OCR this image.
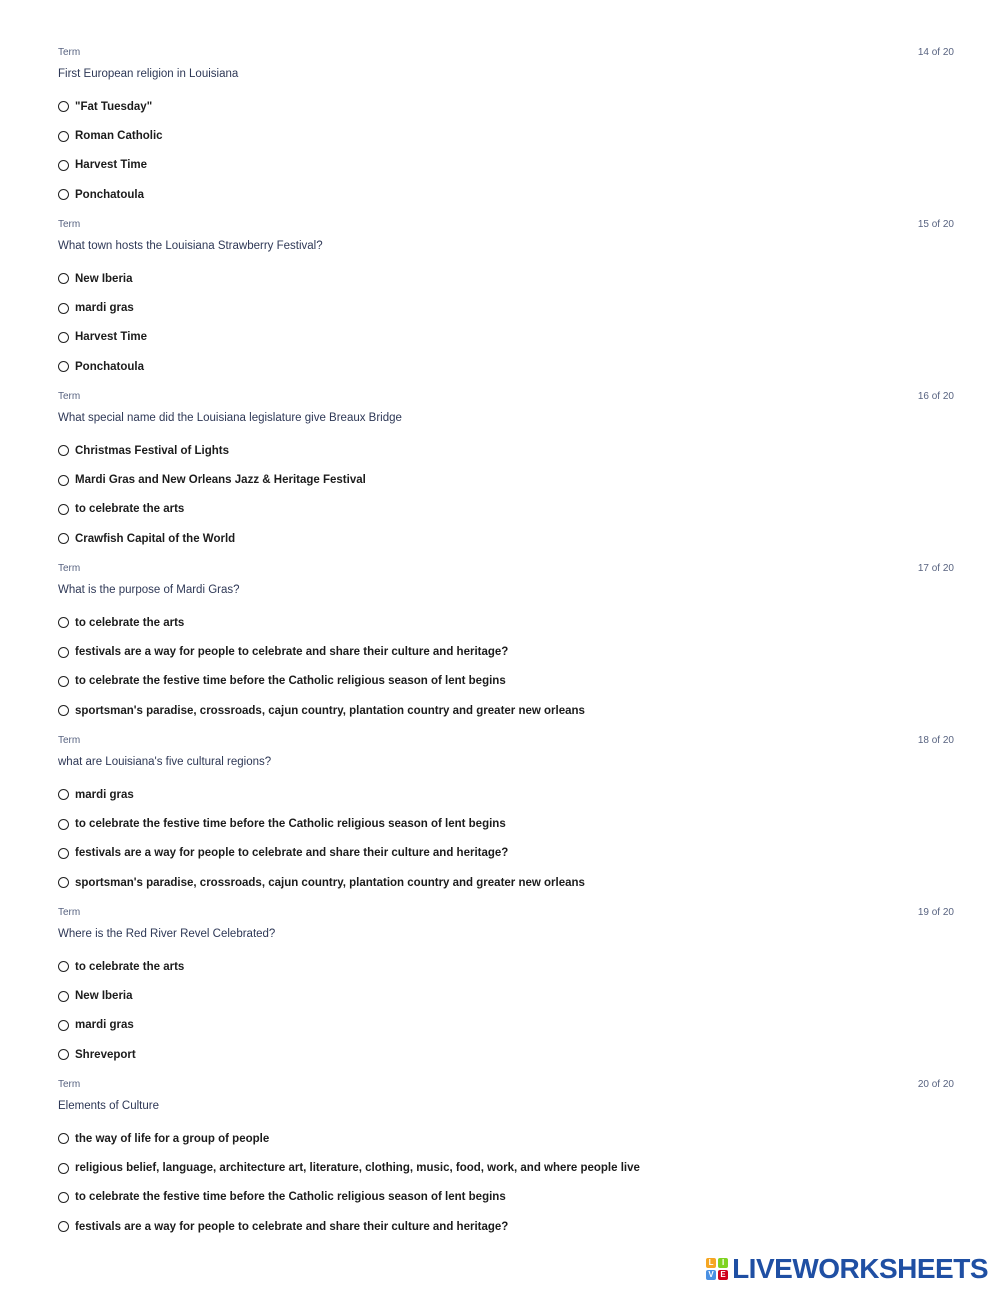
Term	14 of 20
First European religion in Louisiana
"Fat Tuesday"
Roman Catholic
Harvest Time
Ponchatoula
Term	15 of 20
What town hosts the Louisiana Strawberry Festival?
New Iberia
mardi gras
Harvest Time
Ponchatoula
Term	16 of 20
What special name did the Louisiana legislature give Breaux Bridge
Christmas Festival of Lights
Mardi Gras and New Orleans Jazz & Heritage Festival
to celebrate the arts
Crawfish Capital of the World
Term	17 of 20
What is the purpose of Mardi Gras?
to celebrate the arts
festivals are a way for people to celebrate and share their culture and heritage?
to celebrate the festive time before the Catholic religious season of lent begins
sportsman's paradise, crossroads, cajun country, plantation country and greater new orleans
Term	18 of 20
what are Louisiana's five cultural regions?
mardi gras
to celebrate the festive time before the Catholic religious season of lent begins
festivals are a way for people to celebrate and share their culture and heritage?
sportsman's paradise, crossroads, cajun country, plantation country and greater new orleans
Term	19 of 20
Where is the Red River Revel Celebrated?
to celebrate the arts
New Iberia
mardi gras
Shreveport
Term	20 of 20
Elements of Culture
the way of life for a group of people
religious belief, language, architecture art, literature, clothing, music, food, work, and where people live
to celebrate the festive time before the Catholic religious season of lent begins
festivals are a way for people to celebrate and share their culture and heritage?
L	I
V E LIVEWORKSHEETS
